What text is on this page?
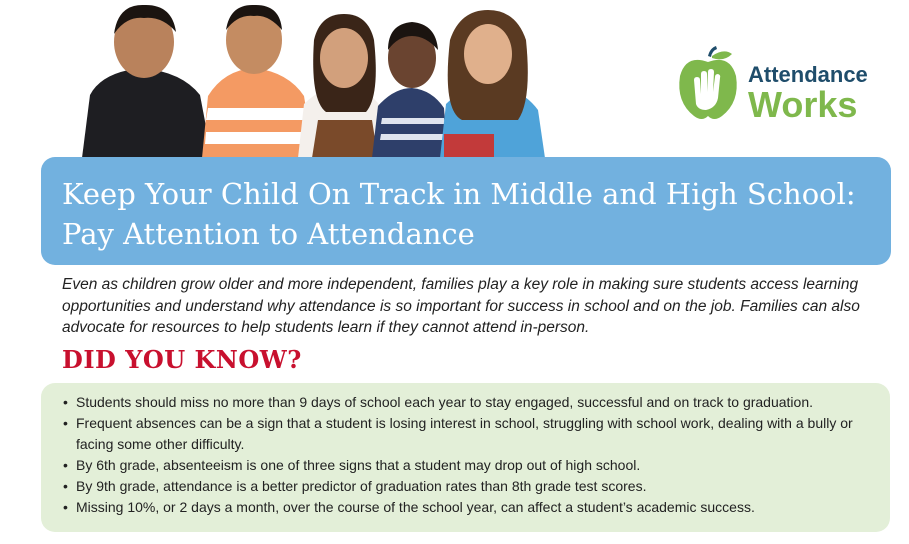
Attendance
Works
Keep Your Child On Track in Middle and High School: Pay Attention to Attendance

Even as children grow older and more independent, families play a key role in making sure students access learning opportunities and understand why attendance is so important for success in school and on the job. Families can also advocate for resources to help students learn if they cannot attend in-person.

DID YOU KNOW?
• Students should miss no more than 9 days of school each year to stay engaged, successful and on track to graduation.
• Frequent absences can be a sign that a student is losing interest in school, struggling with school work, dealing with a bully or facing some other difficulty.
• By 6th grade, absenteeism is one of three signs that a student may drop out of high school.
• By 9th grade, attendance is a better predictor of graduation rates than 8th grade test scores.
• Missing 10%, or 2 days a month, over the course of the school year, can affect a student’s academic success.
